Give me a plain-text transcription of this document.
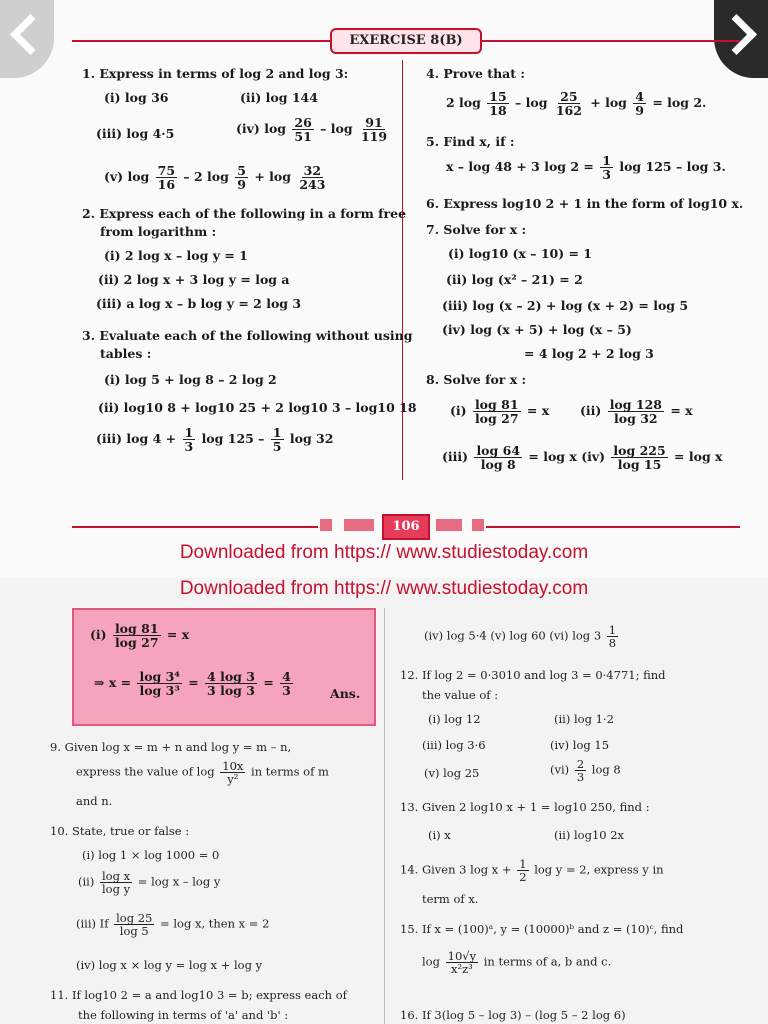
EXERCISE 8(B)
1. Express in terms of log 2 and log 3:
(i) log 36	(ii) log 144
(iii) log 4·5	(iv) $\log \frac{26}{51}$ – $\log \frac{91}{119}$
(v) $\log \frac{75}{16} - 2$ $\log \frac{5}{9} + \log \frac{32}{243}$
2. Express each of the following in a form free
from logarithm :
(i) 2 log x – log y = 1
(ii) 2 log x + 3 log y = log a
(iii) a log x – b log y = 2 log 3
3. Evaluate each of the following without using
tables :
(i) log 5 + log 8 – 2 log 2
(ii) log10 8 + log10 25 + 2 log10 3 – log10 18
(iii) $\log 4 + \frac{1}{3}$ $\log 125 - \frac{1}{5}$ log 32
4. Prove that :
2 $\log \frac{15}{18} - \log \frac{25}{162} + \log \frac{4}{9} = \log 2$.
5. Find x, if :
x – log 48 + 3 $\log 2 = \frac{1}{3}$ log 125 – log 3.
6. Express log10 2 + 1 in the form of log10 x.
7. Solve for x :
(i) log10 (x – 10) = 1
(ii) log (x² – 21) = 2
(iii) log (x – 2) + log (x + 2) = log 5
(iv) log (x + 5) + log (x – 5)
= 4 log 2 + 2 log 3
8. Solve for x :
$(i) \frac{\log 81}{\log 27} = x$ $(ii) \frac{\log 128}{\log 32} = x$
$(iii) \frac{\log 64}{\log 8} = \log x$ $(iv) \frac{\log 225}{\log 15} = \log x$
106
Downloaded from https:// www.studiestoday.com
Downloaded from https:// www.studiestoday.com
$(i) \frac{\log 81}{\log 27} = x$
⇒ $x = \frac{\text{log 3⁴}}{\text{log 3³}} = \frac{4 \log 3}{3 \log 3} = \frac{4}{3}$	Ans.
9. Given log x = m + n and log y = m – n,
express the value of $\log \frac{10x}{\text{y²}}$ in terms of m
and n.
10. State, true or false :
(i) log 1 × log 1000 = 0
$(ii) \frac{\text{log x}}{\text{log y}} = \log x - \log y$
(iii) If $\frac{\log 25}{\log 5} = \log x$, then x = 2
(iv) log x × log y = log x + log y
11. If log10 2 = a and log10 3 = b; express each of
the following in terms of 'a' and 'b' :
(iv) log 5·4 (v) log 60 (vi) $\log 3 \frac{1}{8}$
12. If log 2 = 0·3010 and log 3 = 0·4771; find
the value of :
(i) log 12	(ii) log 1·2
(iii) log 3·6	(iv) log 15
(v) log 25	$(vi) \frac{2}{3}$ log 8
13. Given 2 log10 x + 1 = log10 250, find :
(i) x	(ii) log10 2x
14. Given 3 $\log x + \frac{1}{2}$ log y = 2, express y in
term of x.
15. If x = (100)ᵃ, y = (10000)ᵇ and z = (10)ᶜ, find
$\log \frac{10√y}{\text{x²z³}}$ in terms of a, b and c.
16. If 3(log 5 – log 3) – (log 5 – 2 log 6)
